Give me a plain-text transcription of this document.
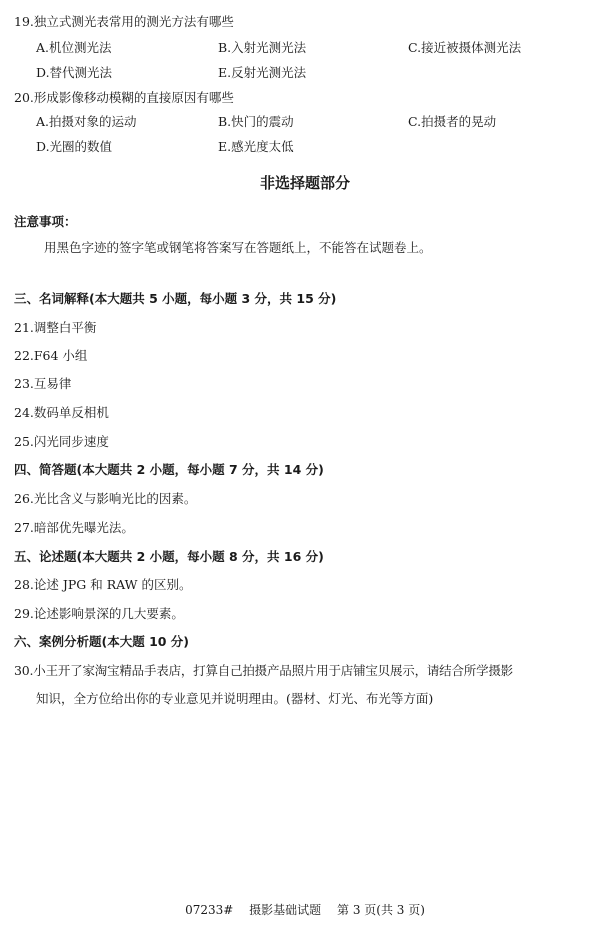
19.独立式测光表常用的测光方法有哪些
A.机位测光法	B.入射光测光法	C.接近被摄体测光法
D.替代测光法	E.反射光测光法
20.形成影像移动模糊的直接原因有哪些
A.拍摄对象的运动	B.快门的震动	C.拍摄者的晃动
D.光圈的数值	E.感光度太低
非选择题部分
注意事项：
用黑色字迹的签字笔或钢笔将答案写在答题纸上，不能答在试题卷上。
三、名词解释(本大题共 5 小题，每小题 3 分，共 15 分)
21.调整白平衡
22.F64 小组
23.互易律
24.数码单反相机
25.闪光同步速度
四、简答题(本大题共 2 小题，每小题 7 分，共 14 分)
26.光比含义与影响光比的因素。
27.暗部优先曝光法。
五、论述题(本大题共 2 小题，每小题 8 分，共 16 分)
28.论述 JPG 和 RAW 的区别。
29.论述影响景深的几大要素。
六、案例分析题(本大题 10 分)
30.小王开了家淘宝精品手表店，打算自己拍摄产品照片用于店铺宝贝展示，请结合所学摄影
知识，全方位给出你的专业意见并说明理由。(器材、灯光、布光等方面)
07233# 摄影基础试题 第 3 页(共 3 页)
